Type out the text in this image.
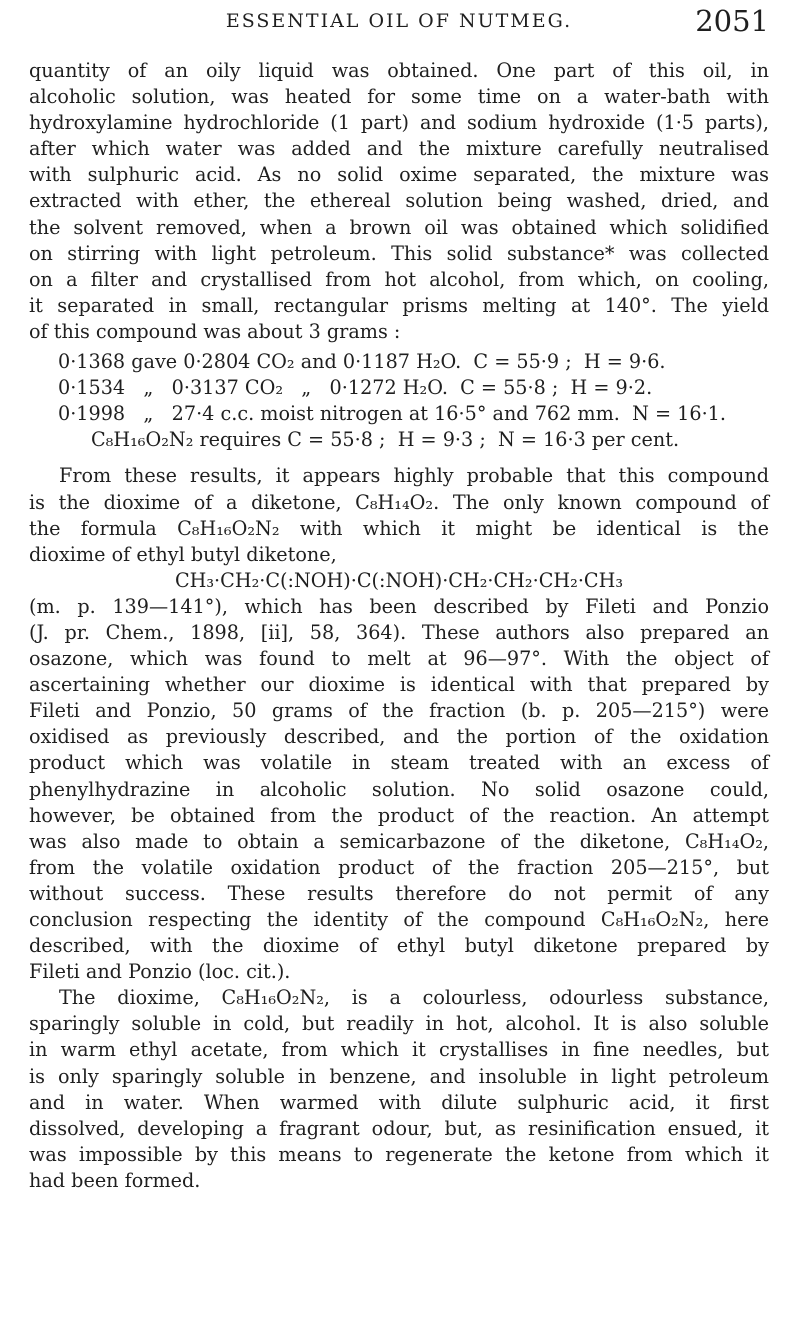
ESSENTIAL OIL OF NUTMEG.	2051
quantity of an oily liquid was obtained. One part of this oil, in
alcoholic solution, was heated for some time on a water-bath with
hydroxylamine hydrochloride (1 part) and sodium hydroxide (1·5 parts),
after which water was added and the mixture carefully neutralised
with sulphuric acid. As no solid oxime separated, the mixture was
extracted with ether, the ethereal solution being washed, dried, and
the solvent removed, when a brown oil was obtained which solidified
on stirring with light petroleum. This solid substance* was collected
on a filter and crystallised from hot alcohol, from which, on cooling,
it separated in small, rectangular prisms melting at 140°. The yield
of this compound was about 3 grams :
0·1368 gave 0·2804 CO₂ and 0·1187 H₂O.  C = 55·9 ;  H = 9·6.
0·1534   „   0·3137 CO₂   „   0·1272 H₂O.  C = 55·8 ;  H = 9·2.
0·1998   „   27·4 c.c. moist nitrogen at 16·5° and 762 mm.  N = 16·1.
C₈H₁₆O₂N₂ requires C = 55·8 ;  H = 9·3 ;  N = 16·3 per cent.
From these results, it appears highly probable that this compound
is the dioxime of a diketone, C₈H₁₄O₂. The only known compound of
the formula C₈H₁₆O₂N₂ with which it might be identical is the
dioxime of ethyl butyl diketone,
CH₃·CH₂·C(:NOH)·C(:NOH)·CH₂·CH₂·CH₂·CH₃
(m. p. 139—141°), which has been described by Fileti and Ponzio
(J. pr. Chem., 1898, [ii], 58, 364). These authors also prepared an
osazone, which was found to melt at 96—97°. With the object of
ascertaining whether our dioxime is identical with that prepared by
Fileti and Ponzio, 50 grams of the fraction (b. p. 205—215°) were
oxidised as previously described, and the portion of the oxidation
product which was volatile in steam treated with an excess of
phenylhydrazine in alcoholic solution. No solid osazone could,
however, be obtained from the product of the reaction. An attempt
was also made to obtain a semicarbazone of the diketone, C₈H₁₄O₂,
from the volatile oxidation product of the fraction 205—215°, but
without success. These results therefore do not permit of any
conclusion respecting the identity of the compound C₈H₁₆O₂N₂, here
described, with the dioxime of ethyl butyl diketone prepared by
Fileti and Ponzio (loc. cit.).
The dioxime, C₈H₁₆O₂N₂, is a colourless, odourless substance,
sparingly soluble in cold, but readily in hot, alcohol. It is also soluble
in warm ethyl acetate, from which it crystallises in fine needles, but
is only sparingly soluble in benzene, and insoluble in light petroleum
and in water. When warmed with dilute sulphuric acid, it first
dissolved, developing a fragrant odour, but, as resinification ensued, it
was impossible by this means to regenerate the ketone from which it
had been formed.
